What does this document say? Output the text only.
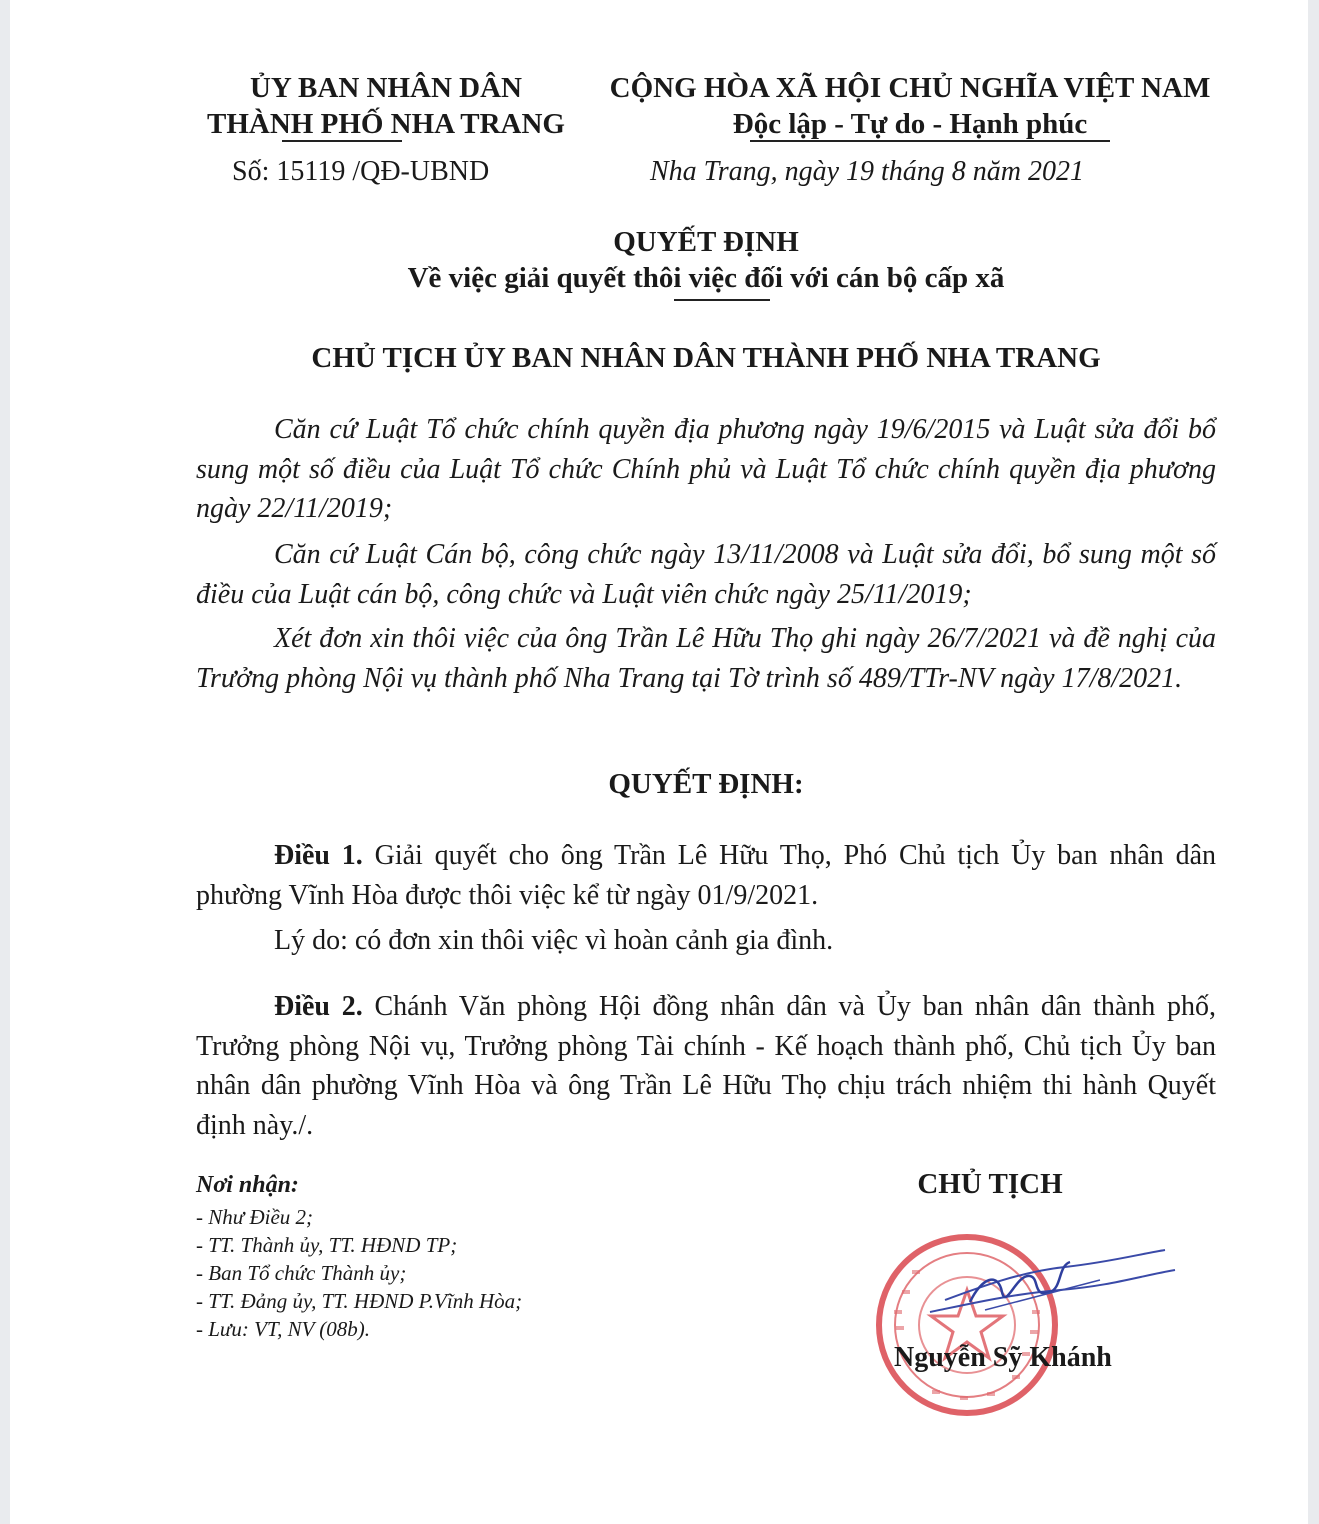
ỦY BAN NHÂN DÂN
THÀNH PHỐ NHA TRANG
Số: 15119 /QĐ-UBND
CỘNG HÒA XÃ HỘI CHỦ NGHĨA VIỆT NAM
Độc lập - Tự do - Hạnh phúc
Nha Trang, ngày 19 tháng 8 năm 2021
QUYẾT ĐỊNH
Về việc giải quyết thôi việc đối với cán bộ cấp xã
CHỦ TỊCH ỦY BAN NHÂN DÂN THÀNH PHỐ NHA TRANG
Căn cứ Luật Tổ chức chính quyền địa phương ngày 19/6/2015 và Luật sửa đổi bổ sung một số điều của Luật Tổ chức Chính phủ và Luật Tổ chức chính quyền địa phương ngày 22/11/2019;
Căn cứ Luật Cán bộ, công chức ngày 13/11/2008 và Luật sửa đổi, bổ sung một số điều của Luật cán bộ, công chức và Luật viên chức ngày 25/11/2019;
Xét đơn xin thôi việc của ông Trần Lê Hữu Thọ ghi ngày 26/7/2021 và đề nghị của Trưởng phòng Nội vụ thành phố Nha Trang tại Tờ trình số 489/TTr-NV ngày 17/8/2021.
QUYẾT ĐỊNH:
Điều 1. Giải quyết cho ông Trần Lê Hữu Thọ, Phó Chủ tịch Ủy ban nhân dân phường Vĩnh Hòa được thôi việc kể từ ngày 01/9/2021.
Lý do: có đơn xin thôi việc vì hoàn cảnh gia đình.
Điều 2. Chánh Văn phòng Hội đồng nhân dân và Ủy ban nhân dân thành phố, Trưởng phòng Nội vụ, Trưởng phòng Tài chính - Kế hoạch thành phố, Chủ tịch Ủy ban nhân dân phường Vĩnh Hòa và ông Trần Lê Hữu Thọ chịu trách nhiệm thi hành Quyết định này./.
Nơi nhận:
- Như Điều 2;
- TT. Thành ủy, TT. HĐND TP;
- Ban Tổ chức Thành ủy;
- TT. Đảng ủy, TT. HĐND P.Vĩnh Hòa;
- Lưu: VT, NV (08b).
CHỦ TỊCH
Nguyễn Sỹ Khánh
